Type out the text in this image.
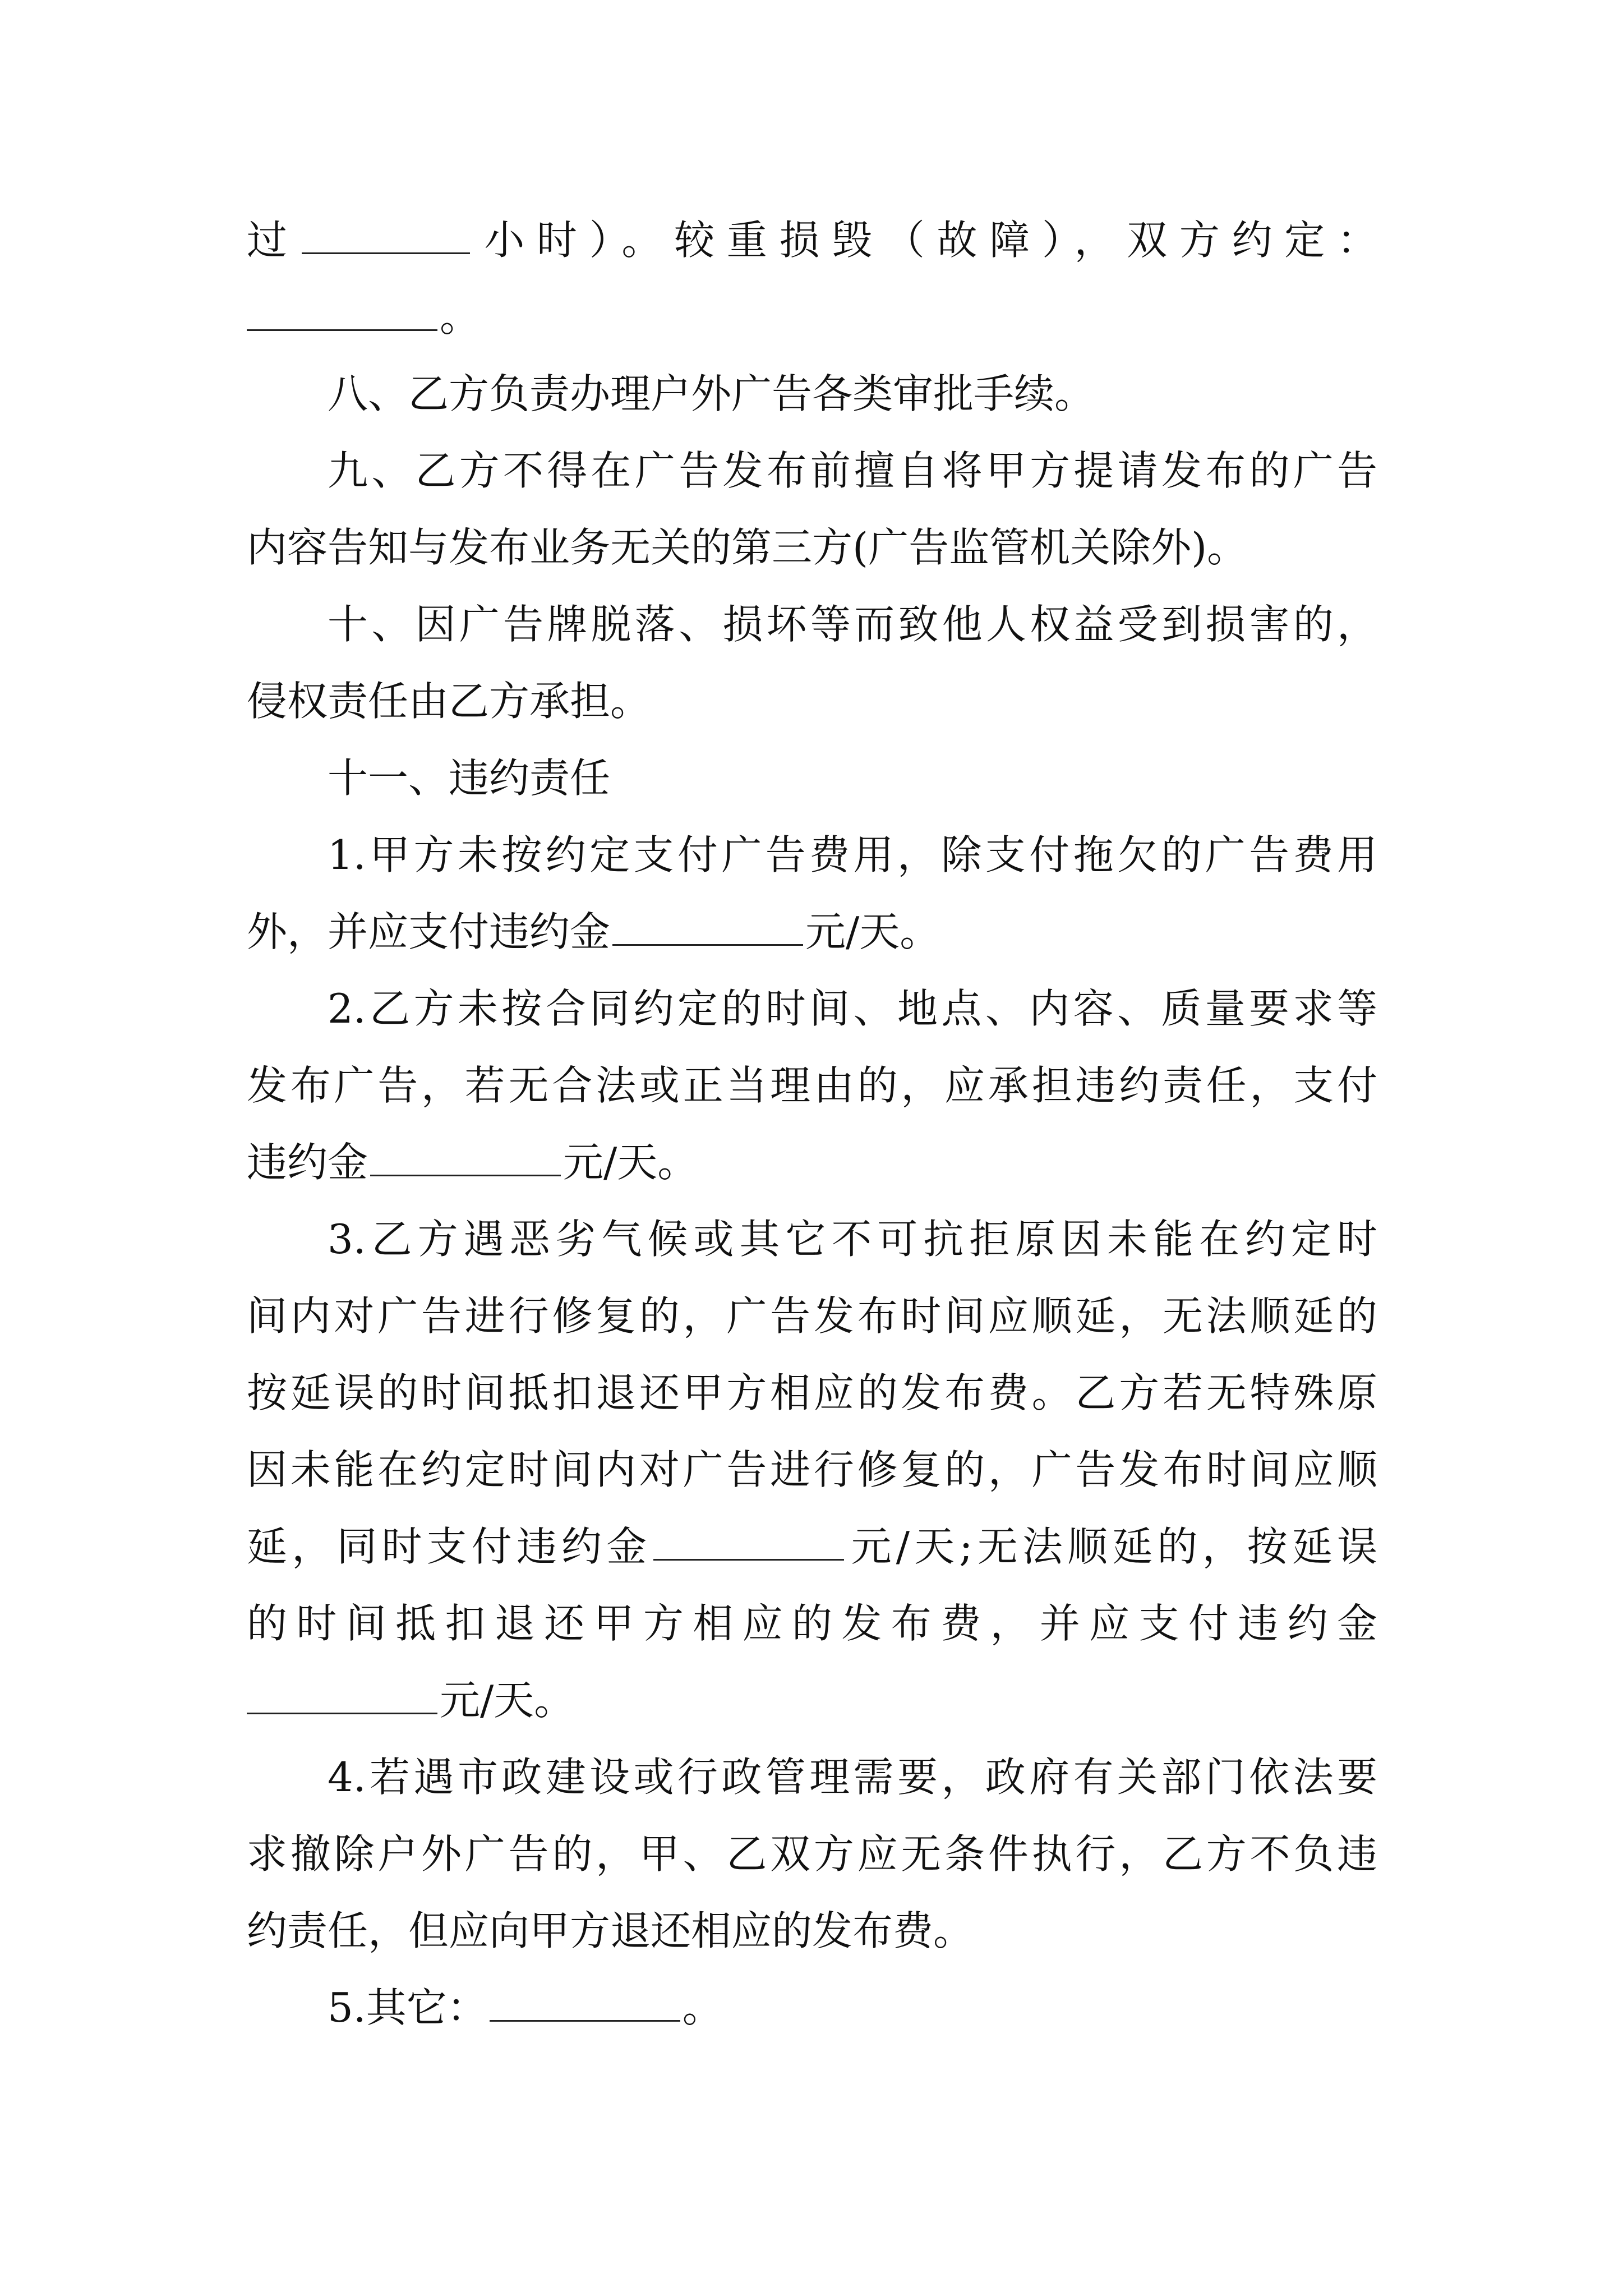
过	小时）。较重损毁（故障），双方约定：
。
八、乙方负责办理户外广告各类审批手续。
九、乙方不得在广告发布前擅自将甲方提请发布的广告
内容告知与发布业务无关的第三方(广告监管机关除外)。
十、因广告牌脱落、损坏等而致他人权益受到损害的，
侵权责任由乙方承担。
十一、违约责任
1.甲方未按约定支付广告费用，除支付拖欠的广告费用
外，并应支付违约金	元/天。
2.乙方未按合同约定的时间、地点、内容、质量要求等
发布广告，若无合法或正当理由的，应承担违约责任，支付
违约金	元/天。
3.乙方遇恶劣气候或其它不可抗拒原因未能在约定时
间内对广告进行修复的，广告发布时间应顺延，无法顺延的
按延误的时间抵扣退还甲方相应的发布费。乙方若无特殊原
因未能在约定时间内对广告进行修复的，广告发布时间应顺
延，同时支付违约金	元/天;无法顺延的，按延误
的时间抵扣退还甲方相应的发布费，并应支付违约金
元/天。
4.若遇市政建设或行政管理需要，政府有关部门依法要
求撤除户外广告的，甲、乙双方应无条件执行，乙方不负违
约责任，但应向甲方退还相应的发布费。
5.其它：	。
